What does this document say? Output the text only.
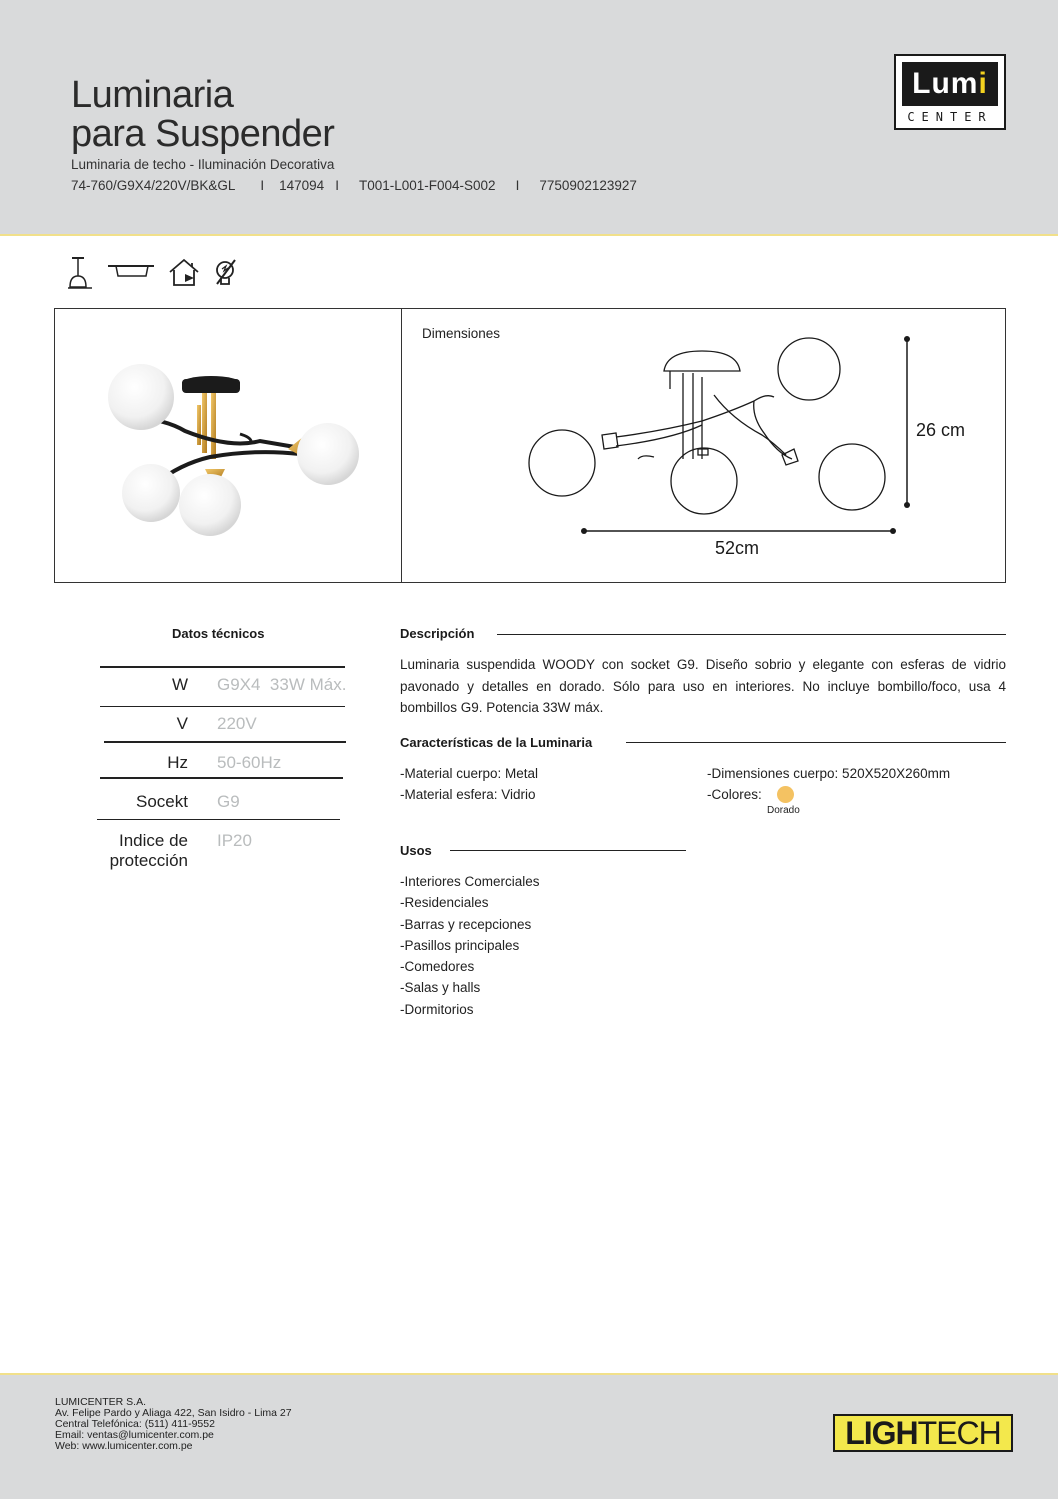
Luminaria
para Suspender
Luminaria de techo - Iluminación Decorativa
74-760/G9X4/220V/BK&GL I 147094 I T001-L001-F004-S002 I 7750902123927
Lumi
CENTER
Dimensiones
26 cm
52cm
Datos técnicos
W G9X4  33W Máx.
V 220V
Hz 50-60Hz
Socekt G9
Indice de protección
IP20
Descripción
Luminaria suspendida WOODY con socket G9. Diseño sobrio y elegante con esferas de vidrio pavonado y detalles en dorado. Sólo para uso en interiores. No incluye bombillo/foco, usa 4 bombillos G9. Potencia 33W máx.
Características de la Luminaria
-Material cuerpo: Metal
-Material esfera: Vidrio
-Dimensiones cuerpo: 520X520X260mm
-Colores:
Dorado
Usos
-Interiores Comerciales
-Residenciales
-Barras y recepciones
-Pasillos principales
-Comedores
-Salas y halls
-Dormitorios
LUMICENTER S.A.
Av. Felipe Pardo y Aliaga 422, San Isidro - Lima 27
Central Telefónica: (511) 411-9552
Email: ventas@lumicenter.com.pe
Web: www.lumicenter.com.pe	LIGHTECH
